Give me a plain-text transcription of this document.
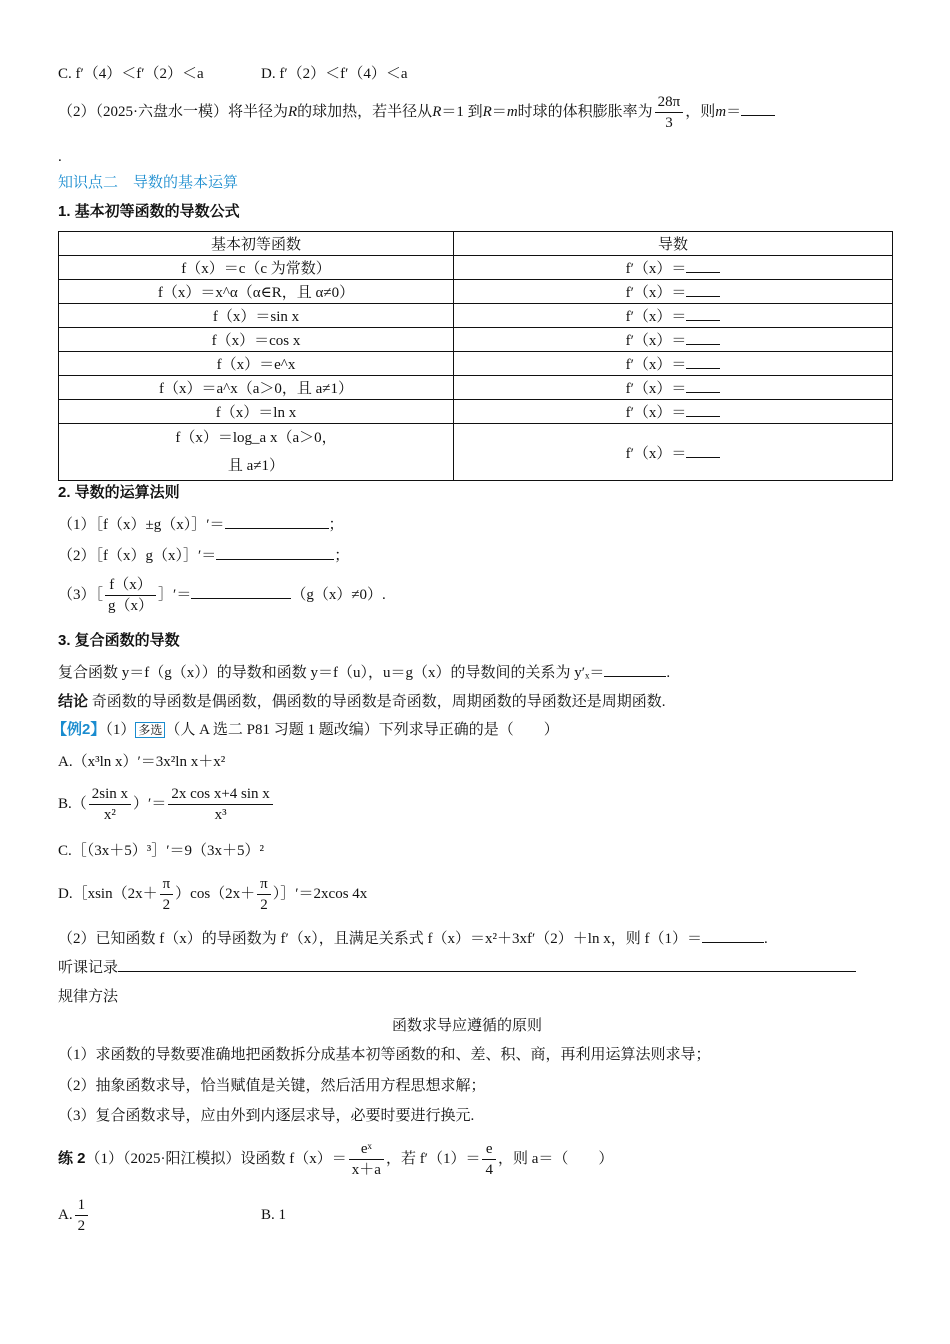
C. f′（4）＜f′（2）＜a	D. f′（2）＜f′（4）＜a
（2）（2025·六盘水一模）将半径为R的球加热，若半径从R＝1 到R＝m时球的体积膨胀率为 $\frac{28\pi}{3}$ ，则m＝
.
知识点二　导数的基本运算
1. 基本初等函数的导数公式
基本初等函数	导数
f（x）＝c（c 为常数）	f′（x）＝
f（x）＝x^α（α∈R，且 α≠0）	f′（x）＝
f（x）＝sin x	f′（x）＝
f（x）＝cos x	f′（x）＝
f（x）＝e^x	f′（x）＝
f（x）＝a^x（a＞0，且 a≠1）	f′（x）＝
f（x）＝ln x	f′（x）＝
f（x）＝log_a x（a＞0，
且 a≠1）	f′（x）＝
2. 导数的运算法则
（1）［f（x）±g（x）］′＝	；
（2）［f（x）g（x）］′＝	；
（3）［ $\frac{f(x)}{g(x)}$ ］′＝	（g（x）≠0）.
3. 复合函数的导数
复合函数 y＝f（g（x））的导数和函数 y＝f（u），u＝g（x）的导数间的关系为 y′ₓ＝	.
结论 奇函数的导函数是偶函数，偶函数的导函数是奇函数，周期函数的导函数还是周期函数.
【例2】（1） 多选 （人 A 选二 P81 习题 1 题改编）下列求导正确的是（　　）
A.（x³ln x）′＝3x²ln x＋x²
$B.( \frac{\text{2sin x}}{\text{x²}}$ ）′＝ $\frac{\text{2x cos x+4 sin x}}{\text{x³}}$
C.［（3x＋5）³］′＝9（3x＋5）²
D.［xsin（2x＋ $\frac{\pi}{2} )\cos(2x+ \frac{\pi}{2}$ ）］′＝2xcos 4x
（2）已知函数 f（x）的导函数为 f′（x），且满足关系式 f（x）＝x²＋3xf′（2）＋ln x，则 f（1）＝	.
听课记录
规律方法
函数求导应遵循的原则
（1）求函数的导数要准确地把函数拆分成基本初等函数的和、差、积、商，再利用运算法则求导；
（2）抽象函数求导，恰当赋值是关键，然后活用方程思想求解；
（3）复合函数求导，应由外到内逐层求导，必要时要进行换元.
练 2（1）（2025·阳江模拟）设函数 $f(x)= \frac{\text{eˣ}}{x+a}$ ，若 $f'(1)= \frac{e}{4}$ ，则 a＝（　　）
A. $\frac{1}{2}$	B. 1
